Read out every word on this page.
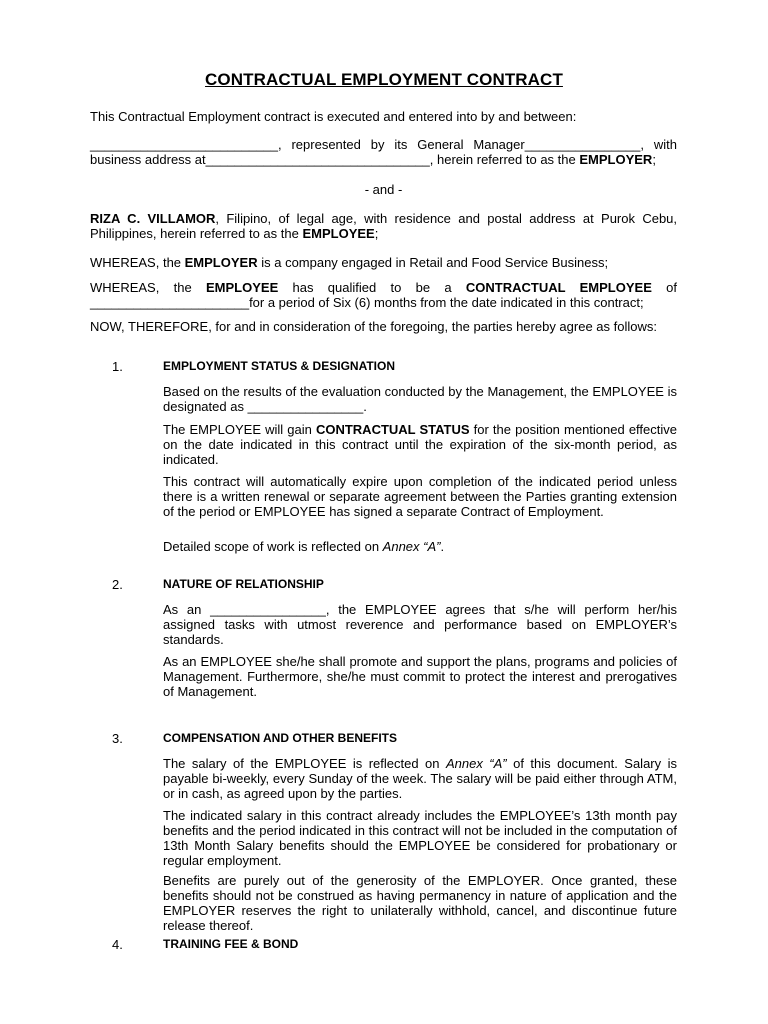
CONTRACTUAL EMPLOYMENT CONTRACT

This Contractual Employment contract is executed and entered into by and between:

__________________________, represented by its General Manager________________, with business address at_______________________________, herein referred to as the EMPLOYER;

- and -

RIZA C. VILLAMOR, Filipino, of legal age, with residence and postal address at Purok Cebu, Philippines, herein referred to as the EMPLOYEE;

WHEREAS, the EMPLOYER is a company engaged in Retail and Food Service Business;

WHEREAS, the EMPLOYEE has qualified to be a CONTRACTUAL EMPLOYEE of ______________________for a period of Six (6) months from the date indicated in this contract;

NOW, THEREFORE, for and in consideration of the foregoing, the parties hereby agree as follows:

1.	EMPLOYMENT STATUS & DESIGNATION

Based on the results of the evaluation conducted by the Management, the EMPLOYEE is designated as ________________.

The EMPLOYEE will gain CONTRACTUAL STATUS for the position mentioned effective on the date indicated in this contract until the expiration of the six-month period, as indicated.

This contract will automatically expire upon completion of the indicated period unless there is a written renewal or separate agreement between the Parties granting extension of the period or EMPLOYEE has signed a separate Contract of Employment.

Detailed scope of work is reflected on Annex “A”.

2.	NATURE OF RELATIONSHIP

As an ________________, the EMPLOYEE agrees that s/he will perform her/his assigned tasks with utmost reverence and performance based on EMPLOYER’s standards.

As an EMPLOYEE she/he shall promote and support the plans, programs and policies of Management. Furthermore, she/he must commit to protect the interest and prerogatives of Management.

3.	COMPENSATION AND OTHER BENEFITS

The salary of the EMPLOYEE is reflected on Annex “A” of this document. Salary is payable bi-weekly, every Sunday of the week. The salary will be paid either through ATM, or in cash, as agreed upon by the parties.

The indicated salary in this contract already includes the EMPLOYEE’s 13th month pay benefits and the period indicated in this contract will not be included in the computation of 13th Month Salary benefits should the EMPLOYEE be considered for probationary or regular employment.

Benefits are purely out of the generosity of the EMPLOYER. Once granted, these benefits should not be construed as having permanency in nature of application and the EMPLOYER reserves the right to unilaterally withhold, cancel, and discontinue future release thereof.

4.	TRAINING FEE & BOND
